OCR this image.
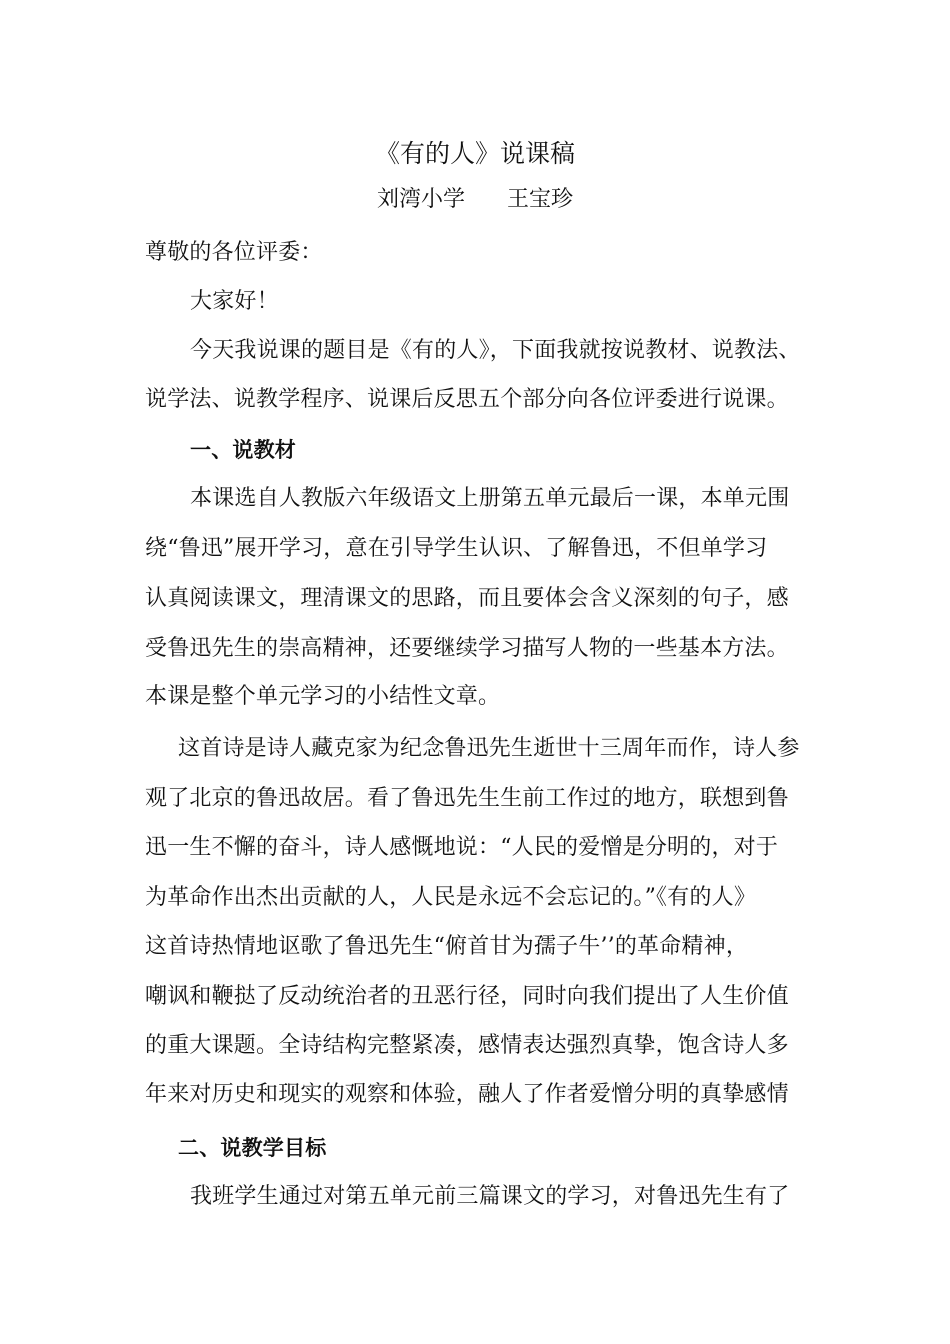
《有的人》说课稿
刘湾小学      王宝珍
尊敬的各位评委：
大家好！
今天我说课的题目是《有的人》，下面我就按说教材、说教法、
说学法、说教学程序、说课后反思五个部分向各位评委进行说课。
一、说教材
本课选自人教版六年级语文上册第五单元最后一课，本单元围
绕“鲁迅”展开学习，意在引导学生认识、了解鲁迅，不但单学习
认真阅读课文，理清课文的思路，而且要体会含义深刻的句子，感
受鲁迅先生的崇高精神，还要继续学习描写人物的一些基本方法。
本课是整个单元学习的小结性文章。
这首诗是诗人藏克家为纪念鲁迅先生逝世十三周年而作，诗人参
观了北京的鲁迅故居。看了鲁迅先生生前工作过的地方，联想到鲁
迅一生不懈的奋斗，诗人感慨地说：“人民的爱憎是分明的，对于
为革命作出杰出贡献的人，人民是永远不会忘记的。”《有的人》
这首诗热情地讴歌了鲁迅先生“俯首甘为孺子牛’’的革命精神，
嘲讽和鞭挞了反动统治者的丑恶行径，同时向我们提出了人生价值
的重大课题。全诗结构完整紧凑，感情表达强烈真挚，饱含诗人多
年来对历史和现实的观察和体验，融人了作者爱憎分明的真挚感情
二、说教学目标
我班学生通过对第五单元前三篇课文的学习，对鲁迅先生有了
